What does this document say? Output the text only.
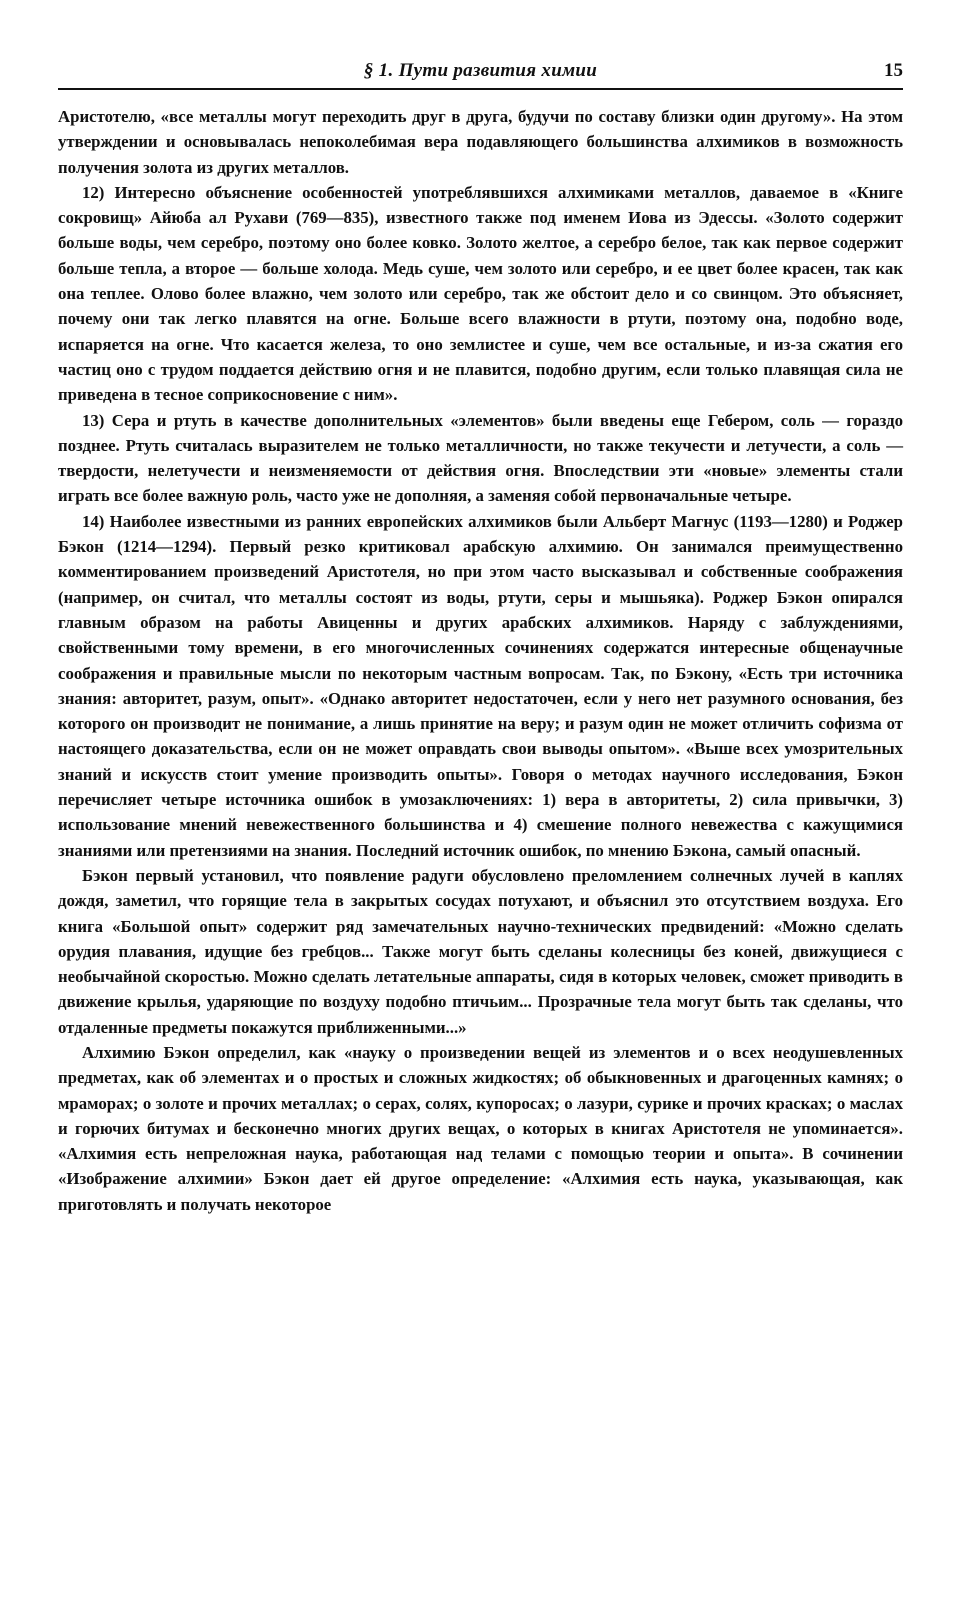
§ 1. Пути развития химии	15

Аристотелю, «все металлы могут переходить друг в друга, будучи по составу близки один другому». На этом утверждении и основывалась непоколебимая вера подавляющего большинства алхимиков в возможность получения золота из других металлов.

12) Интересно объяснение особенностей употреблявшихся алхимиками металлов, даваемое в «Книге сокровищ» Айюба ал Рухави (769—835), известного также под именем Иова из Эдессы. «Золото содержит больше воды, чем серебро, поэтому оно более ковко. Золото желтое, а серебро белое, так как первое содержит больше тепла, а второе — больше холода. Медь суше, чем золото или серебро, и ее цвет более красен, так как она теплее. Олово более влажно, чем золото или серебро, так же обстоит дело и со свинцом. Это объясняет, почему они так легко плавятся на огне. Больше всего влажности в ртути, поэтому она, подобно воде, испаряется на огне. Что касается железа, то оно землистее и суше, чем все остальные, и из-за сжатия его частиц оно с трудом поддается действию огня и не плавится, подобно другим, если только плавящая сила не приведена в тесное соприкосновение с ним».

13) Сера и ртуть в качестве дополнительных «элементов» были введены еще Гебером, соль — гораздо позднее. Ртуть считалась выразителем не только металличности, но также текучести и летучести, а соль — твердости, нелетучести и неизменяемости от действия огня. Впоследствии эти «новые» элементы стали играть все более важную роль, часто уже не дополняя, а заменяя собой первоначальные четыре.

14) Наиболее известными из ранних европейских алхимиков были Альберт Магнус (1193—1280) и Роджер Бэкон (1214—1294). Первый резко критиковал арабскую алхимию. Он занимался преимущественно комментированием произведений Аристотеля, но при этом часто высказывал и собственные соображения (например, он считал, что металлы состоят из воды, ртути, серы и мышьяка). Роджер Бэкон опирался главным образом на работы Авиценны и других арабских алхимиков. Наряду с заблуждениями, свойственными тому времени, в его многочисленных сочинениях содержатся интересные общенаучные соображения и правильные мысли по некоторым частным вопросам. Так, по Бэкону, «Есть три источника знания: авторитет, разум, опыт». «Однако авторитет недостаточен, если у него нет разумного основания, без которого он производит не понимание, а лишь принятие на веру; и разум один не может отличить софизма от настоящего доказательства, если он не может оправдать свои выводы опытом». «Выше всех умозрительных знаний и искусств стоит умение производить опыты». Говоря о методах научного исследования, Бэкон перечисляет четыре источника ошибок в умозаключениях: 1) вера в авторитеты, 2) сила привычки, 3) использование мнений невежественного большинства и 4) смешение полного невежества с кажущимися знаниями или претензиями на знания. Последний источник ошибок, по мнению Бэкона, самый опасный.

Бэкон первый установил, что появление радуги обусловлено преломлением солнечных лучей в каплях дождя, заметил, что горящие тела в закрытых сосудах потухают, и объяснил это отсутствием воздуха. Его книга «Большой опыт» содержит ряд замечательных научно-технических предвидений: «Можно сделать орудия плавания, идущие без гребцов... Также могут быть сделаны колесницы без коней, движущиеся с необычайной скоростью. Можно сделать летательные аппараты, сидя в которых человек, сможет приводить в движение крылья, ударяющие по воздуху подобно птичьим... Прозрачные тела могут быть так сделаны, что отдаленные предметы покажутся приближенными...»

Алхимию Бэкон определил, как «науку о произведении вещей из элементов и о всех неодушевленных предметах, как об элементах и о простых и сложных жидкостях; об обыкновенных и драгоценных камнях; о мраморах; о золоте и прочих металлах; о серах, солях, купоросах; о лазури, сурике и прочих красках; о маслах и горючих битумах и бесконечно многих других вещах, о которых в книгах Аристотеля не упоминается». «Алхимия есть непреложная наука, работающая над телами с помощью теории и опыта». В сочинении «Изображение алхимии» Бэкон дает ей другое определение: «Алхимия есть наука, указывающая, как приготовлять и получать некоторое
